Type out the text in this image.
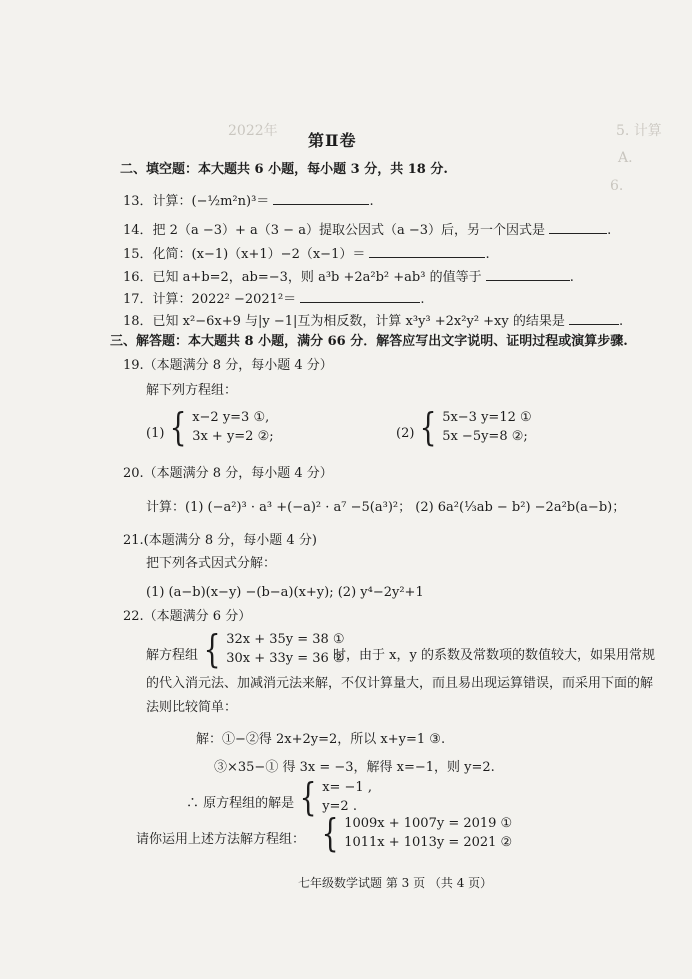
2022年	5. 计算
A.
6.
第Ⅱ卷
二、填空题：本大题共 6 小题，每小题 3 分，共 18 分.
13．计算：(−½m²n)³＝	.
14．把 2（a −3）+ a（3 − a）提取公因式（a −3）后，另一个因式是	.
15．化简：(x−1)（x+1）−2（x−1）＝	.
16．已知 a+b=2，ab=−3，则 a³b +2a²b² +ab³ 的值等于	.
17．计算：2022² −2021²＝	.
18．已知 x²−6x+9 与|y −1|互为相反数，计算 x³y³ +2x²y² +xy 的结果是	.
三、解答题：本大题共 8 小题，满分 66 分．解答应写出文字说明、证明过程或演算步骤.
19.（本题满分 8 分，每小题 4 分）
解下列方程组：
(1) { x−2 y=3 ①,
3x + y=2 ②;	(2) { 5x−3 y=12 ①
5x −5y=8 ②;
20.（本题满分 8 分，每小题 4 分）
计算：(1) (−a²)³ · a³ +(−a)² · a⁷ −5(a³)²； (2) 6a²(⅓ab − b²) −2a²b(a−b)；
21.(本题满分 8 分，每小题 4 分)
把下列各式因式分解：
(1) (a−b)(x−y) −(b−a)(x+y); (2) y⁴−2y²+1
22.（本题满分 6 分）
解方程组 { 32x + 35y = 38 ①
30x + 33y = 36 ②
时，由于 x，y 的系数及常数项的数值较大，如果用常规
的代入消元法、加减消元法来解，不仅计算量大，而且易出现运算错误，而采用下面的解
法则比较简单：
解：①−②得 2x+2y=2，所以 x+y=1 ③.
③×35−① 得 3x = −3，解得 x=−1，则 y=2.
∴ 原方程组的解是 { x= −1 ,
y=2 .
请你运用上述方法解方程组： { 1009x + 1007y = 2019 ①
1011x + 1013y = 2021 ②
七年级数学试题 第 3 页 （共 4 页）
